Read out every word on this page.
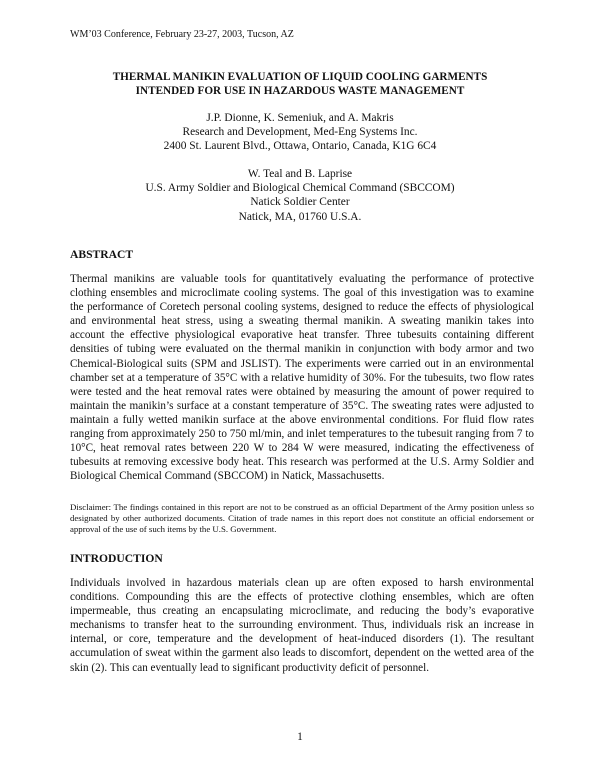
WM’03 Conference, February 23-27, 2003, Tucson, AZ
THERMAL MANIKIN EVALUATION OF LIQUID COOLING GARMENTS
INTENDED FOR USE IN HAZARDOUS WASTE MANAGEMENT
J.P. Dionne, K. Semeniuk, and A. Makris
Research and Development, Med-Eng Systems Inc.
2400 St. Laurent Blvd., Ottawa, Ontario, Canada, K1G 6C4
W. Teal and B. Laprise
U.S. Army Soldier and Biological Chemical Command (SBCCOM)
Natick Soldier Center
Natick, MA, 01760 U.S.A.
ABSTRACT
Thermal manikins are valuable tools for quantitatively evaluating the performance of protective clothing ensembles and microclimate cooling systems. The goal of this investigation was to examine the performance of Coretech personal cooling systems, designed to reduce the effects of physiological and environmental heat stress, using a sweating thermal manikin. A sweating manikin takes into account the effective physiological evaporative heat transfer. Three tubesuits containing different densities of tubing were evaluated on the thermal manikin in conjunction with body armor and two Chemical-Biological suits (SPM and JSLIST). The experiments were carried out in an environmental chamber set at a temperature of 35°C with a relative humidity of 30%. For the tubesuits, two flow rates were tested and the heat removal rates were obtained by measuring the amount of power required to maintain the manikin’s surface at a constant temperature of 35°C. The sweating rates were adjusted to maintain a fully wetted manikin surface at the above environmental conditions. For fluid flow rates ranging from approximately 250 to 750 ml/min, and inlet temperatures to the tubesuit ranging from 7 to 10°C, heat removal rates between 220 W to 284 W were measured, indicating the effectiveness of tubesuits at removing excessive body heat. This research was performed at the U.S. Army Soldier and Biological Chemical Command (SBCCOM) in Natick, Massachusetts.
Disclaimer: The findings contained in this report are not to be construed as an official Department of the Army position unless so designated by other authorized documents. Citation of trade names in this report does not constitute an official endorsement or approval of the use of such items by the U.S. Government.
INTRODUCTION
Individuals involved in hazardous materials clean up are often exposed to harsh environmental conditions. Compounding this are the effects of protective clothing ensembles, which are often impermeable, thus creating an encapsulating microclimate, and reducing the body’s evaporative mechanisms to transfer heat to the surrounding environment. Thus, individuals risk an increase in internal, or core, temperature and the development of heat-induced disorders (1). The resultant accumulation of sweat within the garment also leads to discomfort, dependent on the wetted area of the skin (2). This can eventually lead to significant productivity deficit of personnel.
1
